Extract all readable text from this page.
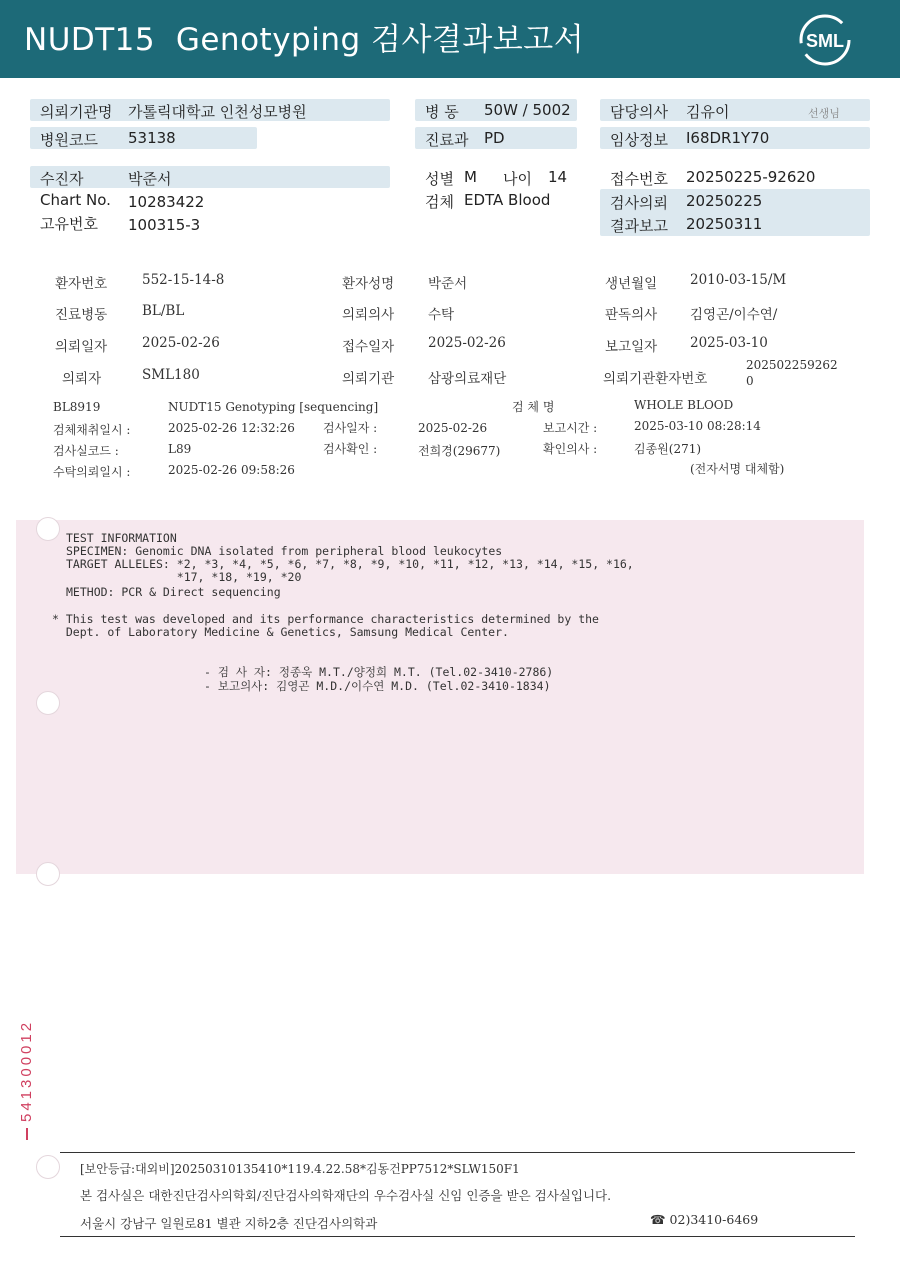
NUDT15  Genotyping 검사결과보고서	SML
의뢰기관명 가톨릭대학교 인천성모병원
병원코드 53138
수진자	박준서
Chart No. 10283422
고유번호 100315-3
병 동 50W / 5002
진료과 PD
성별 M 나이 14
검체 EDTA Blood
담당의사 김유이	선생님
임상정보 I68DR1Y70
접수번호 20250225-92620
검사의뢰 20250225
결과보고 20250311
환자번호	552-15-14-8	환자성명	박준서	생년월일 2010-03-15/M
진료병동	BL/BL	의뢰의사	수탁	판독의사 김영곤/이수연/
의뢰일자	2025-02-26	접수일자	2025-02-26	보고일자 2025-03-10
의뢰자	SML180	의뢰기관	삼광의료재단	의뢰기관환자번호
202502259262
0
BL8919	NUDT15 Genotyping [sequencing]	검 체 명	WHOLE BLOOD
검체채취일시 :	2025-02-26 12:32:26 검사일자 :	2025-02-26	보고시간 :	2025-03-10 08:28:14
검사실코드 :	L89	검사확인 :	전희경(29677)	확인의사 :	김종원(271)
수탁의뢰일시 :	2025-02-26 09:58:26	(전자서명 대체함)
TEST INFORMATION
SPECIMEN: Genomic DNA isolated from peripheral blood leukocytes
TARGET ALLELES: *2, *3, *4, *5, *6, *7, *8, *9, *10, *11, *12, *13, *14, *15, *16,
*17, *18, *19, *20
METHOD: PCR & Direct sequencing
* This test was developed and its performance characteristics determined by the
Dept. of Laboratory Medicine & Genetics, Samsung Medical Center.
- 검 사 자: 정종욱 M.T./양정희 M.T. (Tel.02-3410-2786)
- 보고의사: 김영곤 M.D./이수연 M.D. (Tel.02-3410-1834)
541300012
[보안등급:대외비]20250310135410*119.4.22.58*김동건PP7512*SLW150F1
본 검사실은 대한진단검사의학회/진단검사의학재단의 우수검사실 신임 인증을 받은 검사실입니다.
서울시 강남구 일원로81 별관 지하2층 진단검사의학과	☎ 02)3410-6469
